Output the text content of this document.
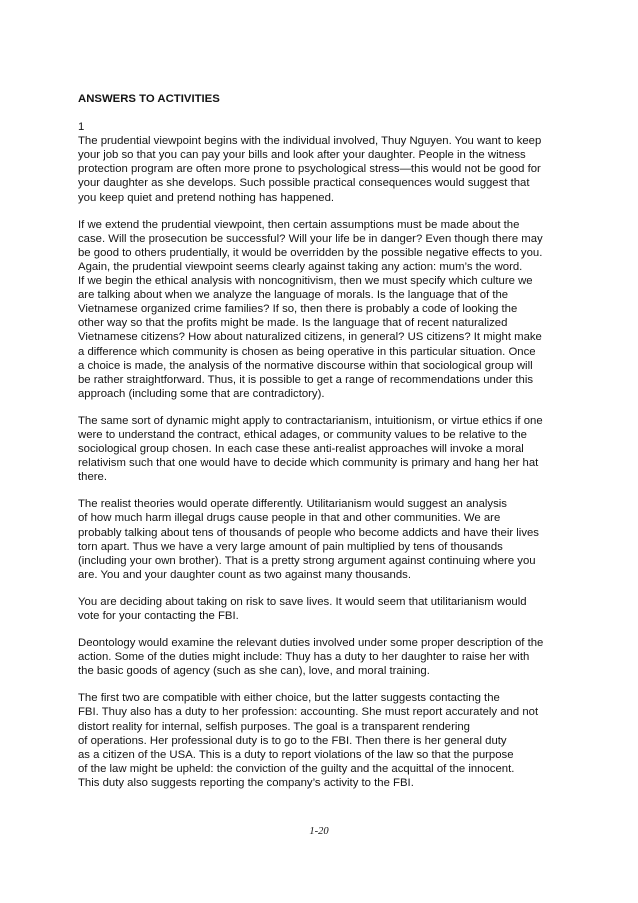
ANSWERS TO ACTIVITIES
1
The prudential viewpoint begins with the individual involved, Thuy Nguyen. You want to keep
your job so that you can pay your bills and look after your daughter. People in the witness
protection program are often more prone to psychological stress—this would not be good for
your daughter as she develops. Such possible practical consequences would suggest that
you keep quiet and pretend nothing has happened.
If we extend the prudential viewpoint, then certain assumptions must be made about the
case. Will the prosecution be successful? Will your life be in danger? Even though there may
be good to others prudentially, it would be overridden by the possible negative effects to you.
Again, the prudential viewpoint seems clearly against taking any action: mum’s the word.
If we begin the ethical analysis with noncognitivism, then we must specify which culture we
are talking about when we analyze the language of morals. Is the language that of the
Vietnamese organized crime families? If so, then there is probably a code of looking the
other way so that the profits might be made. Is the language that of recent naturalized
Vietnamese citizens? How about naturalized citizens, in general? US citizens? It might make
a difference which community is chosen as being operative in this particular situation. Once
a choice is made, the analysis of the normative discourse within that sociological group will
be rather straightforward. Thus, it is possible to get a range of recommendations under this
approach (including some that are contradictory).
The same sort of dynamic might apply to contractarianism, intuitionism, or virtue ethics if one
were to understand the contract, ethical adages, or community values to be relative to the
sociological group chosen. In each case these anti-realist approaches will invoke a moral
relativism such that one would have to decide which community is primary and hang her hat
there.
The realist theories would operate differently. Utilitarianism would suggest an analysis
of how much harm illegal drugs cause people in that and other communities. We are
probably talking about tens of thousands of people who become addicts and have their lives
torn apart. Thus we have a very large amount of pain multiplied by tens of thousands
(including your own brother). That is a pretty strong argument against continuing where you
are. You and your daughter count as two against many thousands.
You are deciding about taking on risk to save lives. It would seem that utilitarianism would
vote for your contacting the FBI.
Deontology would examine the relevant duties involved under some proper description of the
action. Some of the duties might include: Thuy has a duty to her daughter to raise her with
the basic goods of agency (such as she can), love, and moral training.
The first two are compatible with either choice, but the latter suggests contacting the
FBI. Thuy also has a duty to her profession: accounting. She must report accurately and not
distort reality for internal, selfish purposes. The goal is a transparent rendering
of operations. Her professional duty is to go to the FBI. Then there is her general duty
as a citizen of the USA. This is a duty to report violations of the law so that the purpose
of the law might be upheld: the conviction of the guilty and the acquittal of the innocent.
This duty also suggests reporting the company’s activity to the FBI.
1-20
